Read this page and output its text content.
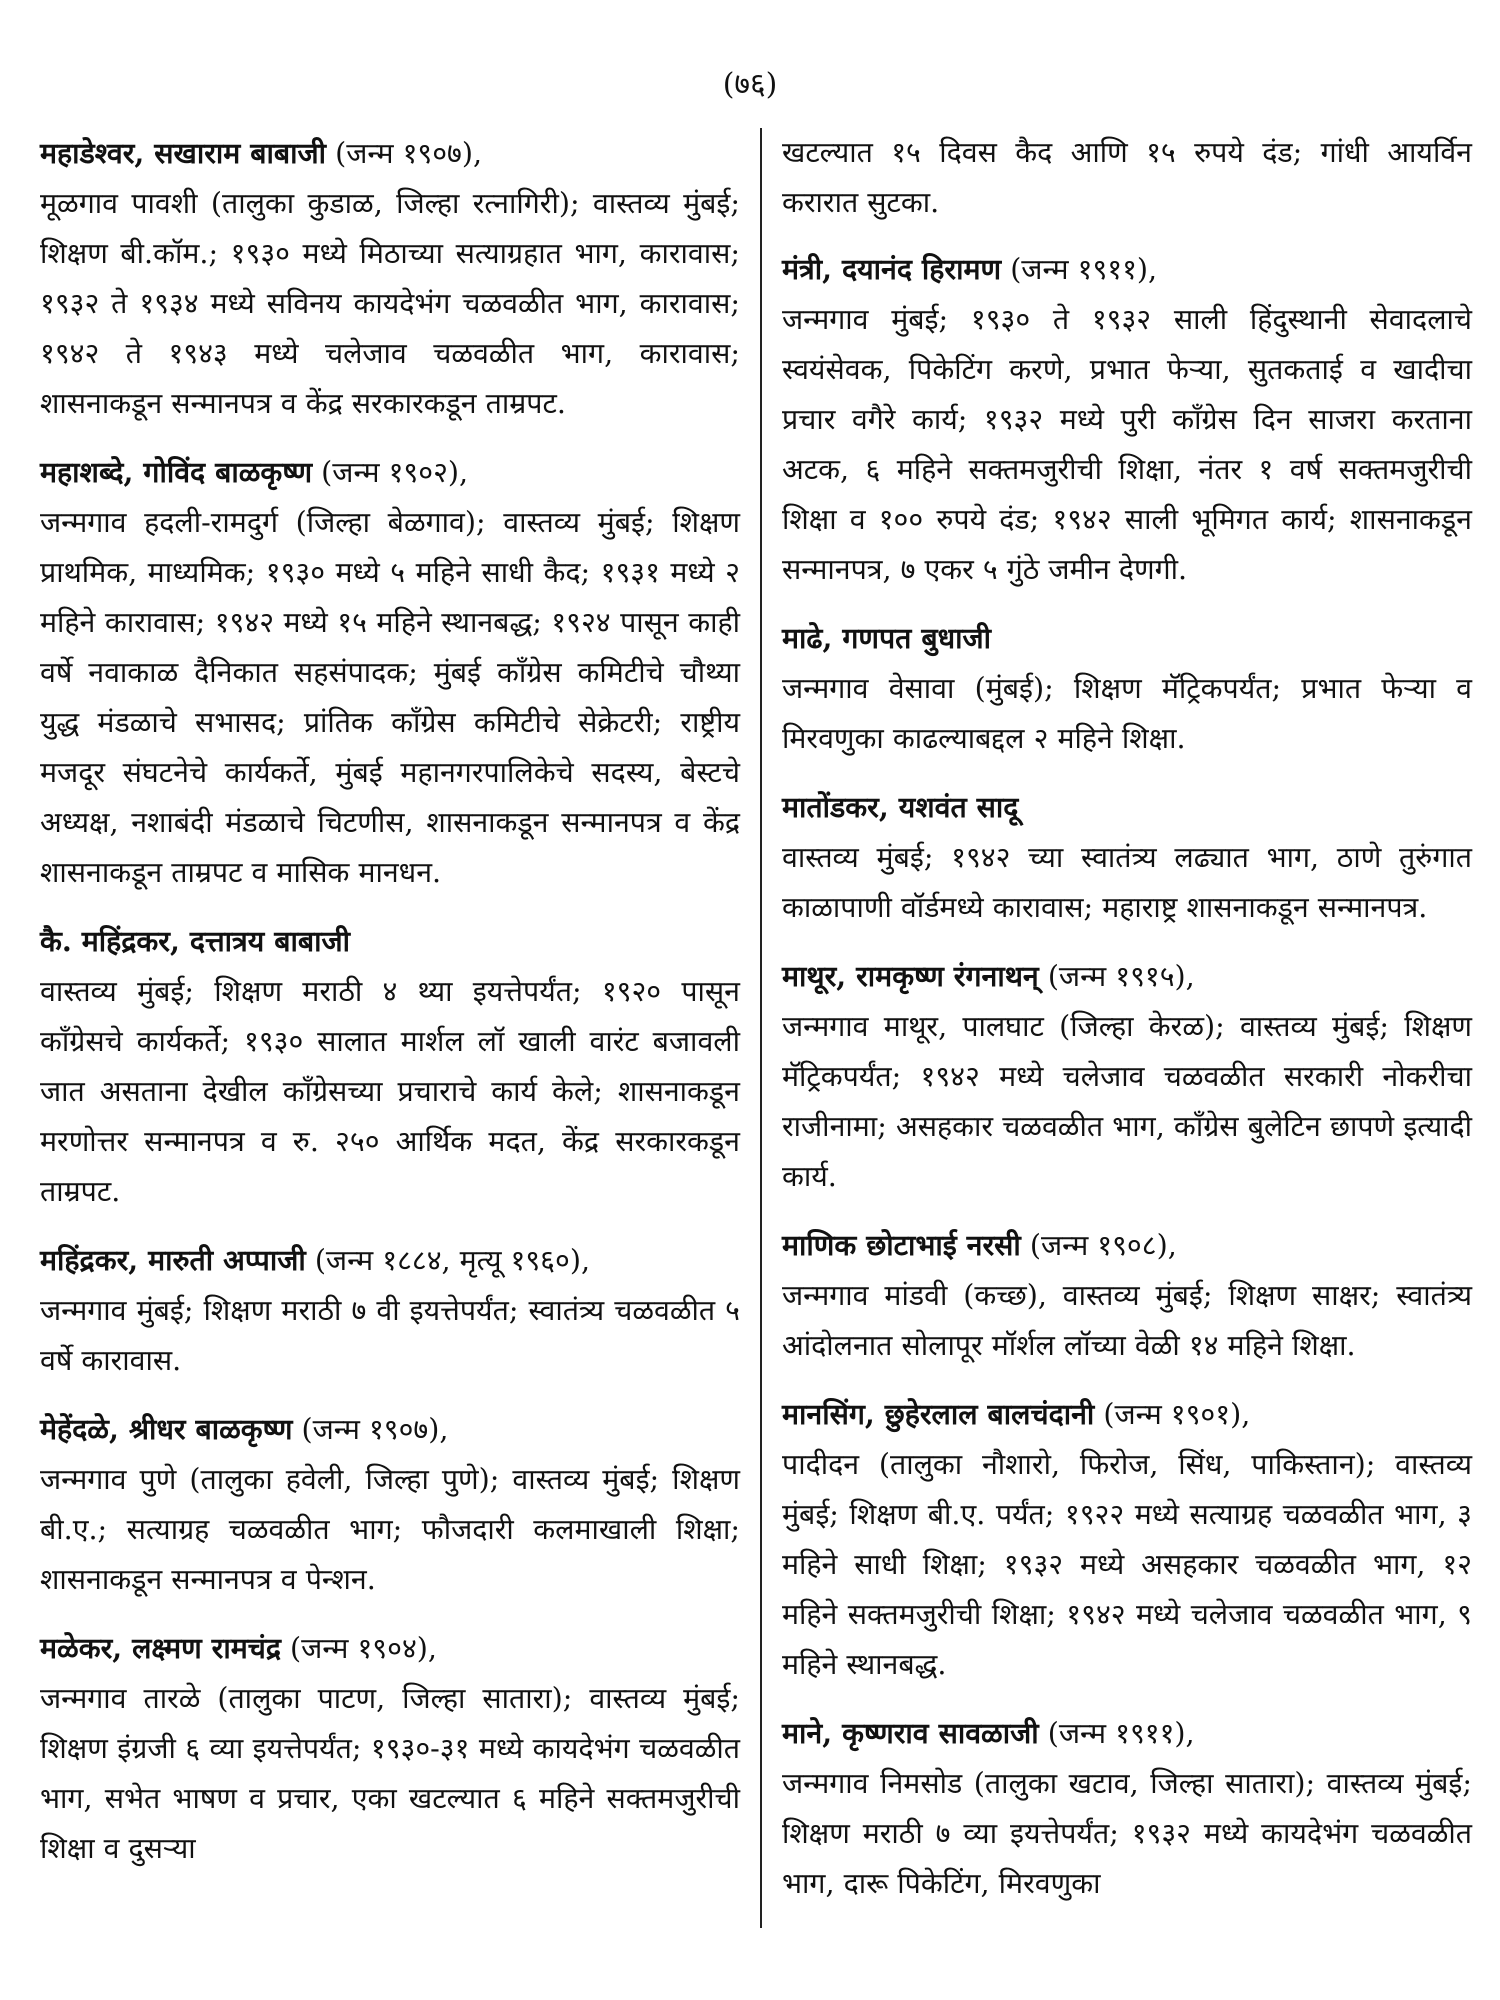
(७६)

महाडेश्वर, सखाराम बाबाजी (जन्म १९०७),

मूळगाव पावशी (तालुका कुडाळ, जिल्हा रत्नागिरी); वास्तव्य मुंबई; शिक्षण बी.कॉम.; १९३० मध्ये मिठाच्या सत्याग्रहात भाग, कारावास; १९३२ ते १९३४ मध्ये सविनय कायदेभंग चळवळीत भाग, कारावास; १९४२ ते १९४३ मध्ये चलेजाव चळवळीत भाग, कारावास; शासनाकडून सन्मानपत्र व केंद्र सरकारकडून ताम्रपट.

महाशब्दे, गोविंद बाळकृष्ण (जन्म १९०२),

जन्मगाव हदली-रामदुर्ग (जिल्हा बेळगाव); वास्तव्य मुंबई; शिक्षण प्राथमिक, माध्यमिक; १९३० मध्ये ५ महिने साधी कैद; १९३१ मध्ये २ महिने कारावास; १९४२ मध्ये १५ महिने स्थानबद्ध; १९२४ पासून काही वर्षे नवाकाळ दैनिकात सहसंपादक; मुंबई काँग्रेस कमिटीचे चौथ्या युद्ध मंडळाचे सभासद; प्रांतिक काँग्रेस कमिटीचे सेक्रेटरी; राष्ट्रीय मजदूर संघटनेचे कार्यकर्ते, मुंबई महानगरपालिकेचे सदस्य, बेस्टचे अध्यक्ष, नशाबंदी मंडळाचे चिटणीस, शासनाकडून सन्मानपत्र व केंद्र शासनाकडून ताम्रपट व मासिक मानधन.

कै. महिंद्रकर, दत्तात्रय बाबाजी

वास्तव्य मुंबई; शिक्षण मराठी ४ थ्या इयत्तेपर्यंत; १९२० पासून काँग्रेसचे कार्यकर्ते; १९३० सालात मार्शल लॉ खाली वारंट बजावली जात असताना देखील काँग्रेसच्या प्रचाराचे कार्य केले; शासनाकडून मरणोत्तर सन्मानपत्र व रु. २५० आर्थिक मदत, केंद्र सरकारकडून ताम्रपट.

महिंद्रकर, मारुती अप्पाजी (जन्म १८८४, मृत्यू १९६०),

जन्मगाव मुंबई; शिक्षण मराठी ७ वी इयत्तेपर्यंत; स्वातंत्र्य चळवळीत ५ वर्षे कारावास.

मेहेंदळे, श्रीधर बाळकृष्ण (जन्म १९०७),

जन्मगाव पुणे (तालुका हवेली, जिल्हा पुणे); वास्तव्य मुंबई; शिक्षण बी.ए.; सत्याग्रह चळवळीत भाग; फौजदारी कलमाखाली शिक्षा; शासनाकडून सन्मानपत्र व पेन्शन.

मळेकर, लक्ष्मण रामचंद्र (जन्म १९०४),

जन्मगाव तारळे (तालुका पाटण, जिल्हा सातारा); वास्तव्य मुंबई; शिक्षण इंग्रजी ६ व्या इयत्तेपर्यंत; १९३०-३१ मध्ये कायदेभंग चळवळीत भाग, सभेत भाषण व प्रचार, एका खटल्यात ६ महिने सक्तमजुरीची शिक्षा व दुसऱ्या

खटल्यात १५ दिवस कैद आणि १५ रुपये दंड; गांधी आयर्विन करारात सुटका.

मंत्री, दयानंद हिरामण (जन्म १९११),

जन्मगाव मुंबई; १९३० ते १९३२ साली हिंदुस्थानी सेवादलाचे स्वयंसेवक, पिकेटिंग करणे, प्रभात फेऱ्या, सुतकताई व खादीचा प्रचार वगैरे कार्य; १९३२ मध्ये पुरी काँग्रेस दिन साजरा करताना अटक, ६ महिने सक्तमजुरीची शिक्षा, नंतर १ वर्ष सक्तमजुरीची शिक्षा व १०० रुपये दंड; १९४२ साली भूमिगत कार्य; शासनाकडून सन्मानपत्र, ७ एकर ५ गुंठे जमीन देणगी.

माढे, गणपत बुधाजी

जन्मगाव वेसावा (मुंबई); शिक्षण मॅट्रिकपर्यंत; प्रभात फेऱ्या व मिरवणुका काढल्याबद्दल २ महिने शिक्षा.

मातोंडकर, यशवंत सादू

वास्तव्य मुंबई; १९४२ च्या स्वातंत्र्य लढ्यात भाग, ठाणे तुरुंगात काळापाणी वॉर्डमध्ये कारावास; महाराष्ट्र शासनाकडून सन्मानपत्र.

माथूर, रामकृष्ण रंगनाथन् (जन्म १९१५),

जन्मगाव माथूर, पालघाट (जिल्हा केरळ); वास्तव्य मुंबई; शिक्षण मॅट्रिकपर्यंत; १९४२ मध्ये चलेजाव चळवळीत सरकारी नोकरीचा राजीनामा; असहकार चळवळीत भाग, काँग्रेस बुलेटिन छापणे इत्यादी कार्य.

माणिक छोटाभाई नरसी (जन्म १९०८),

जन्मगाव मांडवी (कच्छ), वास्तव्य मुंबई; शिक्षण साक्षर; स्वातंत्र्य आंदोलनात सोलापूर मॉर्शल लॉच्या वेळी १४ महिने शिक्षा.

मानसिंग, छुहेरलाल बालचंदानी (जन्म १९०१),

पादीदन (तालुका नौशारो, फिरोज, सिंध, पाकिस्तान); वास्तव्य मुंबई; शिक्षण बी.ए. पर्यंत; १९२२ मध्ये सत्याग्रह चळवळीत भाग, ३ महिने साधी शिक्षा; १९३२ मध्ये असहकार चळवळीत भाग, १२ महिने सक्तमजुरीची शिक्षा; १९४२ मध्ये चलेजाव चळवळीत भाग, ९ महिने स्थानबद्ध.

माने, कृष्णराव सावळाजी (जन्म १९११),

जन्मगाव निमसोड (तालुका खटाव, जिल्हा सातारा); वास्तव्य मुंबई; शिक्षण मराठी ७ व्या इयत्तेपर्यंत; १९३२ मध्ये कायदेभंग चळवळीत भाग, दारू पिकेटिंग, मिरवणुका
